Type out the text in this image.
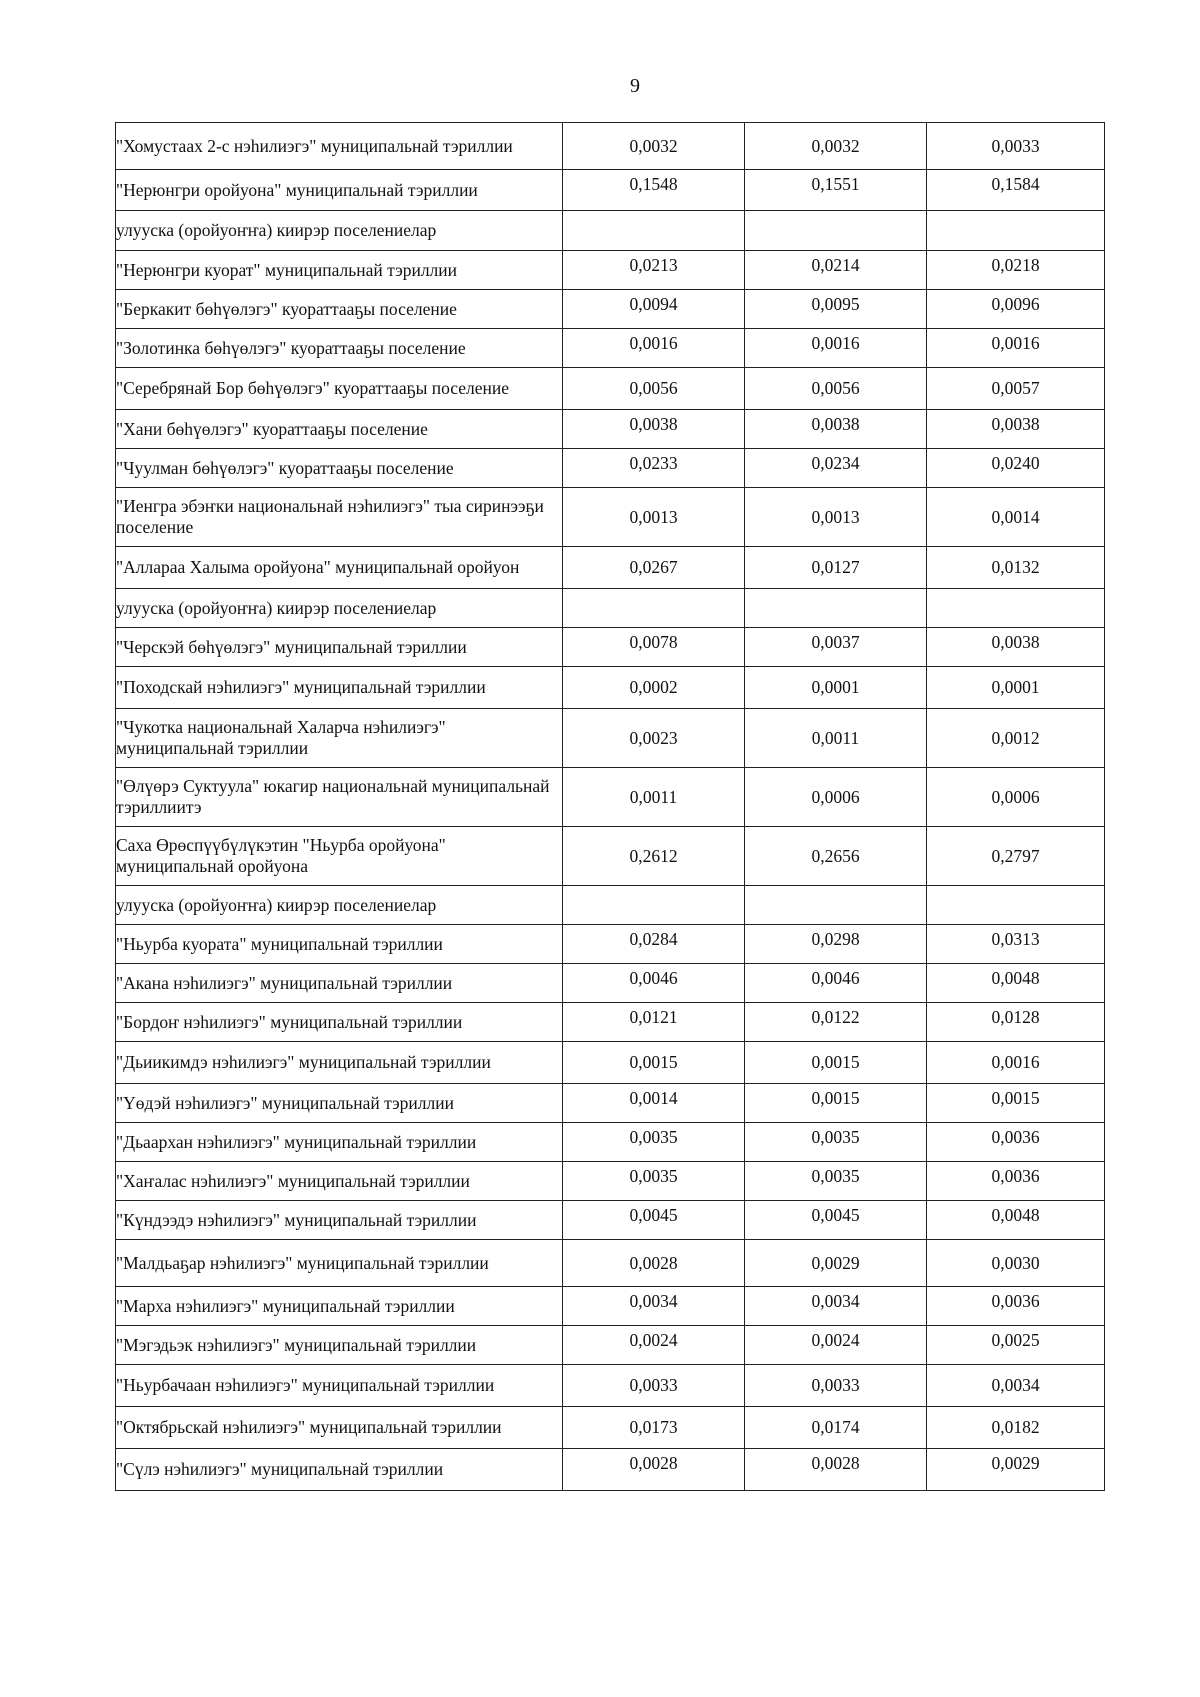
9
"Хомустаах 2-с нэһилиэгэ" муниципальнай тэриллии	0,0032	0,0032	0,0033
"Нерюнгри оройуона" муниципальнай тэриллии	0,1548	0,1551	0,1584
улууска (оройуоҥҥа) киирэр поселениелар			
"Нерюнгри куорат" муниципальнай тэриллии	0,0213	0,0214	0,0218
"Беркакит бөһүөлэгэ" куораттааҕы поселение	0,0094	0,0095	0,0096
"Золотинка бөһүөлэгэ" куораттааҕы поселение	0,0016	0,0016	0,0016
"Серебрянай Бор бөһүөлэгэ" куораттааҕы поселение	0,0056	0,0056	0,0057
"Хани бөһүөлэгэ" куораттааҕы поселение	0,0038	0,0038	0,0038
"Чуулман бөһүөлэгэ" куораттааҕы поселение	0,0233	0,0234	0,0240
"Иенгра эбэҥки национальнай нэһилиэгэ" тыа сиринээҕи поселение	0,0013	0,0013	0,0014
"Аллараа Халыма оройуона" муниципальнай оройуон	0,0267	0,0127	0,0132
улууска (оройуоҥҥа) киирэр поселениелар			
"Черскэй бөһүөлэгэ" муниципальнай тэриллии	0,0078	0,0037	0,0038
"Походскай нэһилиэгэ" муниципальнай тэриллии	0,0002	0,0001	0,0001
"Чукотка национальнай Халарча нэһилиэгэ" муниципальнай тэриллии	0,0023	0,0011	0,0012
"Өлүөрэ Суктуула" юкагир национальнай муниципальнай тэриллиитэ	0,0011	0,0006	0,0006
Саха Өрөспүүбүлүкэтин "Ньурба оройуона" муниципальнай оройуона	0,2612	0,2656	0,2797
улууска (оройуоҥҥа) киирэр поселениелар			
"Ньурба куората" муниципальнай тэриллии	0,0284	0,0298	0,0313
"Акана нэһилиэгэ" муниципальнай тэриллии	0,0046	0,0046	0,0048
"Бордоҥ нэһилиэгэ" муниципальнай тэриллии	0,0121	0,0122	0,0128
"Дьиикимдэ нэһилиэгэ" муниципальнай тэриллии	0,0015	0,0015	0,0016
"Үөдэй нэһилиэгэ" муниципальнай тэриллии	0,0014	0,0015	0,0015
"Дьаархан нэһилиэгэ" муниципальнай тэриллии	0,0035	0,0035	0,0036
"Хаҥалас нэһилиэгэ" муниципальнай тэриллии	0,0035	0,0035	0,0036
"Күндээдэ нэһилиэгэ" муниципальнай тэриллии	0,0045	0,0045	0,0048
"Малдьаҕар нэһилиэгэ" муниципальнай тэриллии	0,0028	0,0029	0,0030
"Марха нэһилиэгэ" муниципальнай тэриллии	0,0034	0,0034	0,0036
"Мэгэдьэк нэһилиэгэ" муниципальнай тэриллии	0,0024	0,0024	0,0025
"Ньурбачаан нэһилиэгэ" муниципальнай тэриллии	0,0033	0,0033	0,0034
"Октябрьскай нэһилиэгэ" муниципальнай тэриллии	0,0173	0,0174	0,0182
"Сүлэ нэһилиэгэ" муниципальнай тэриллии	0,0028	0,0028	0,0029
